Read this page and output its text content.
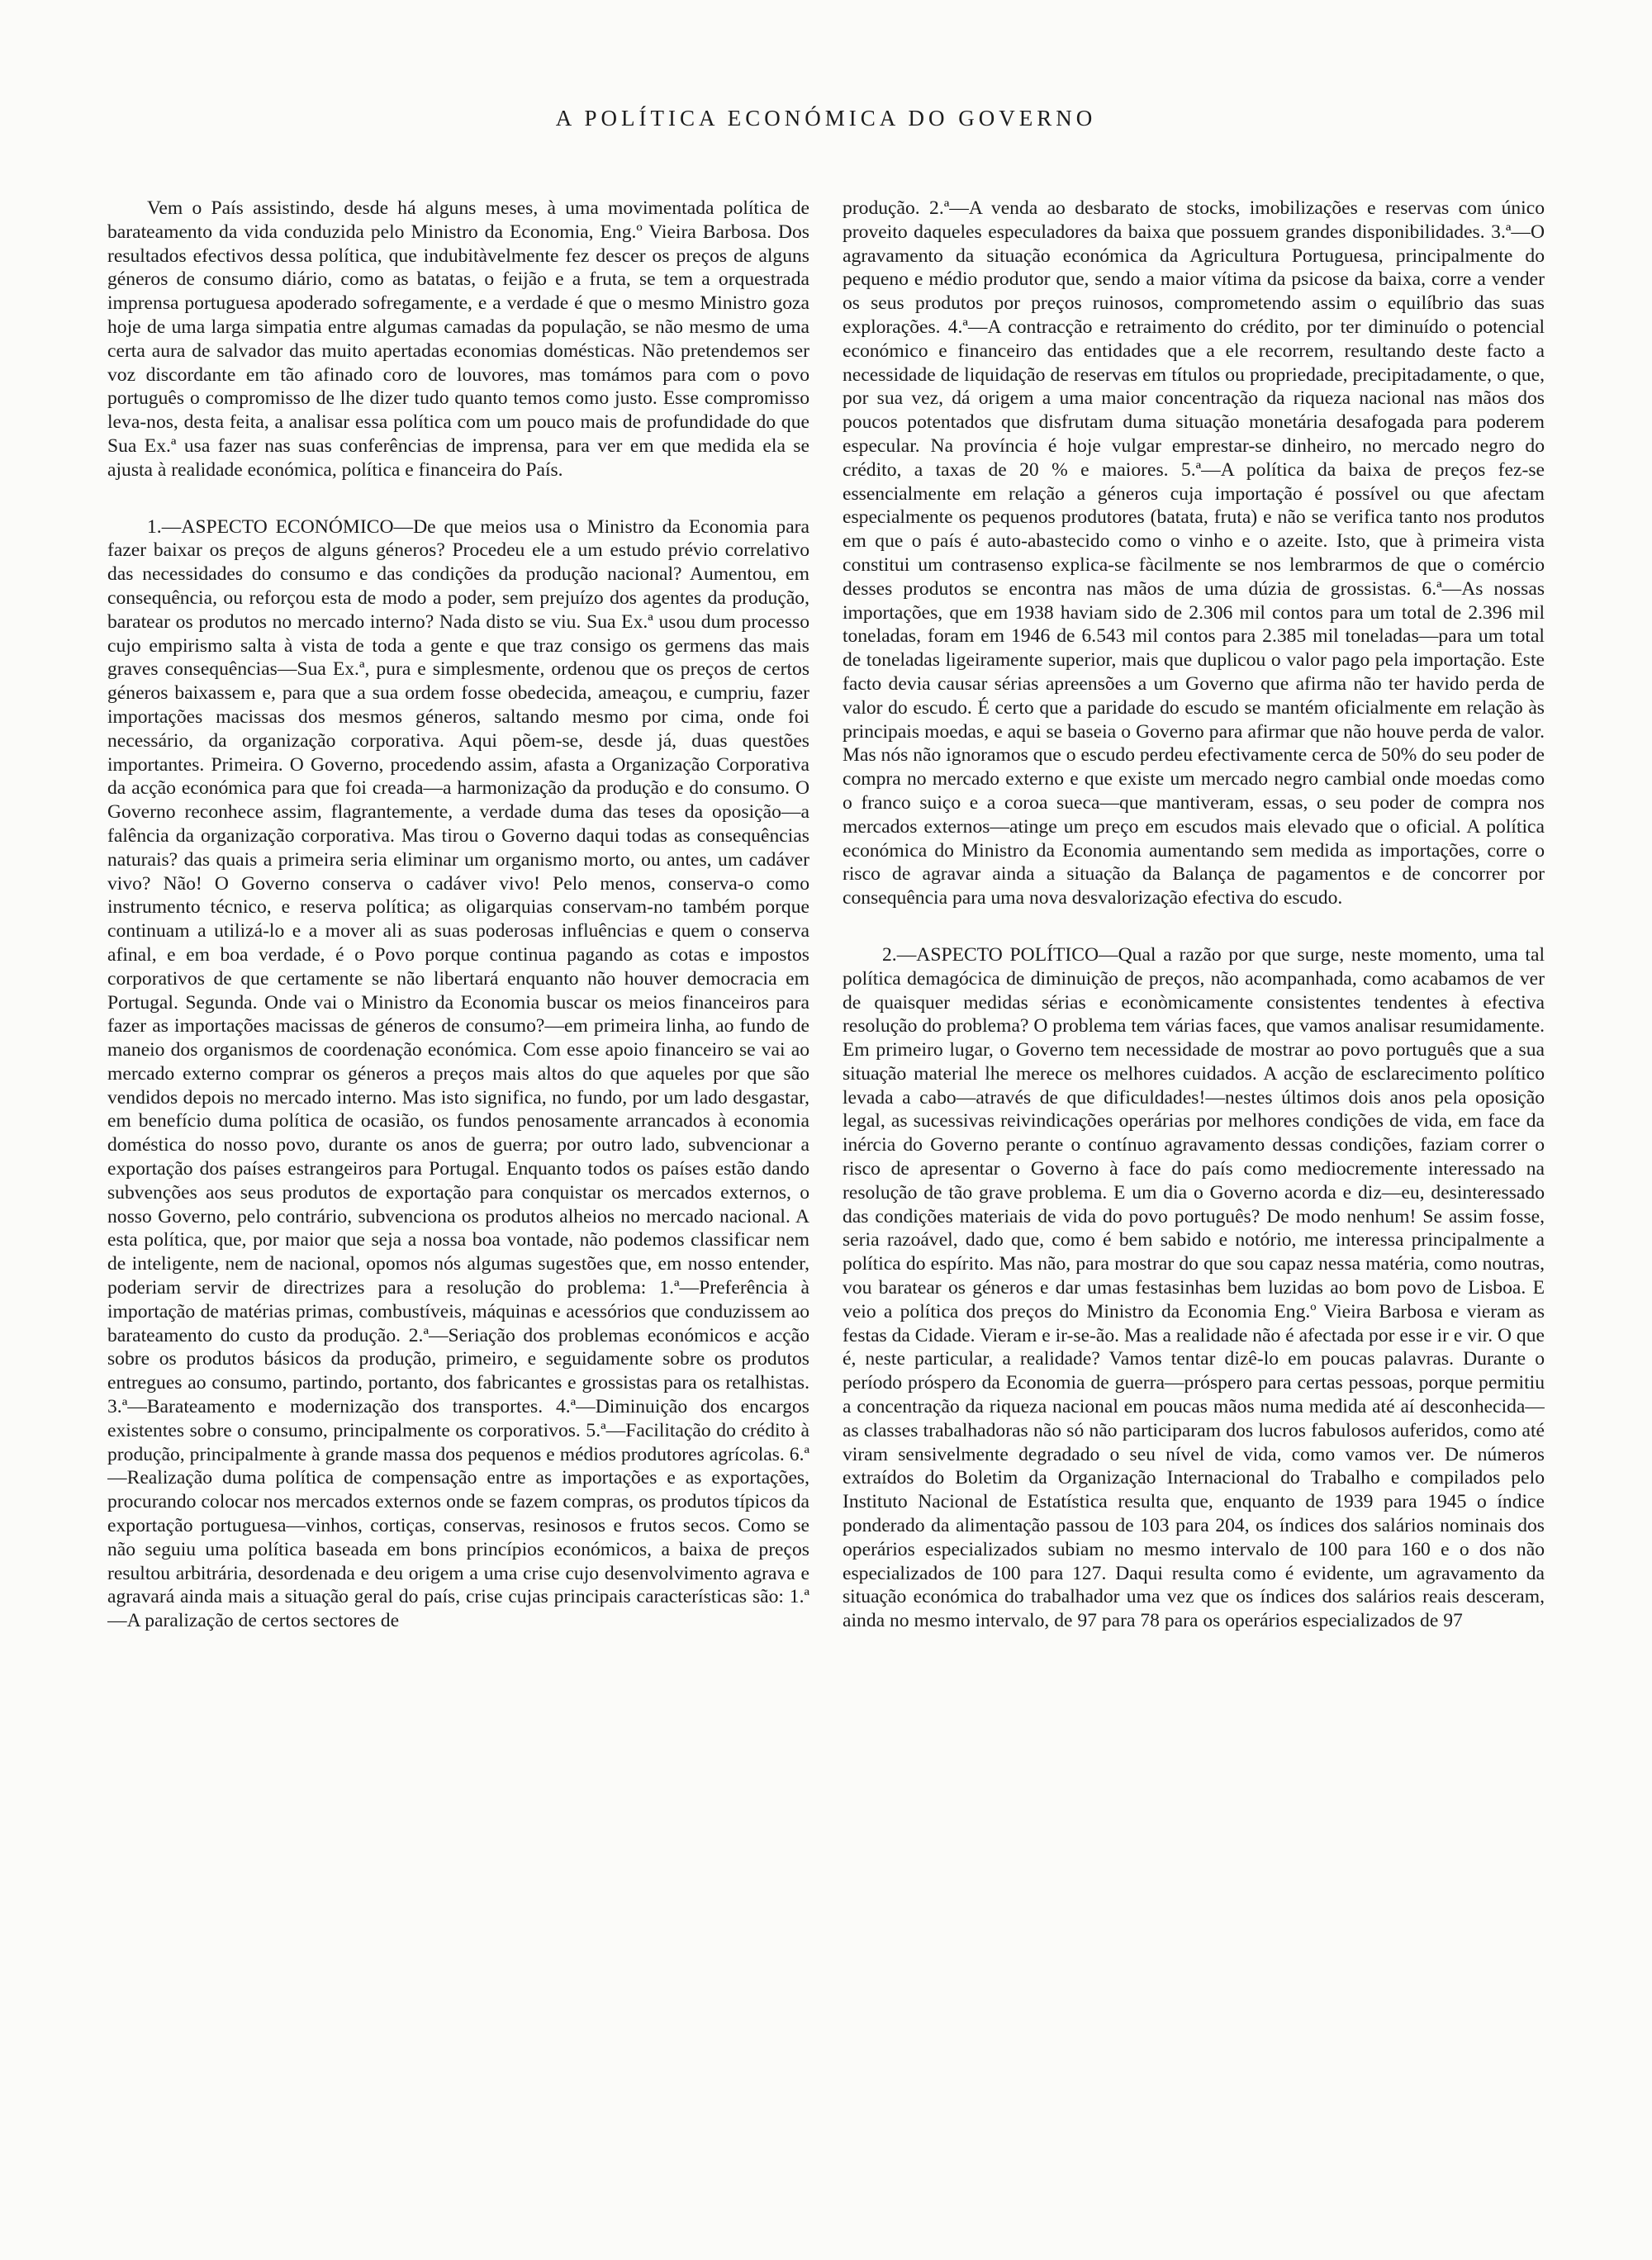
A POLÍTICA ECONÓMICA DO GOVERNO

Vem o País assistindo, desde há alguns meses, à uma movimentada política de barateamento da vida conduzida pelo Ministro da Economia, Eng.º Vieira Barbosa. Dos resultados efectivos dessa política, que indubitàvelmente fez descer os preços de alguns géneros de consumo diário, como as batatas, o feijão e a fruta, se tem a orquestrada imprensa portuguesa apoderado sofregamente, e a verdade é que o mesmo Ministro goza hoje de uma larga simpatia entre algumas camadas da população, se não mesmo de uma certa aura de salvador das muito apertadas economias domésticas. Não pretendemos ser voz discordante em tão afinado coro de louvores, mas tomámos para com o povo português o compromisso de lhe dizer tudo quanto temos como justo. Esse compromisso leva-nos, desta feita, a analisar essa política com um pouco mais de profundidade do que Sua Ex.ª usa fazer nas suas conferências de imprensa, para ver em que medida ela se ajusta à realidade económica, política e financeira do País.

1.—ASPECTO ECONÓMICO—De que meios usa o Ministro da Economia para fazer baixar os preços de alguns géneros? Procedeu ele a um estudo prévio correlativo das necessidades do consumo e das condições da produção nacional? Aumentou, em consequência, ou reforçou esta de modo a poder, sem prejuízo dos agentes da produção, baratear os produtos no mercado interno? Nada disto se viu. Sua Ex.ª usou dum processo cujo empirismo salta à vista de toda a gente e que traz consigo os germens das mais graves consequências—Sua Ex.ª, pura e simplesmente, ordenou que os preços de certos géneros baixassem e, para que a sua ordem fosse obedecida, ameaçou, e cumpriu, fazer importações macissas dos mesmos géneros, saltando mesmo por cima, onde foi necessário, da organização corporativa. Aqui põem-se, desde já, duas questões importantes. Primeira. O Governo, procedendo assim, afasta a Organização Corporativa da acção económica para que foi creada—a harmonização da produção e do consumo. O Governo reconhece assim, flagrantemente, a verdade duma das teses da oposição—a falência da organização corporativa. Mas tirou o Governo daqui todas as consequências naturais? das quais a primeira seria eliminar um organismo morto, ou antes, um cadáver vivo? Não! O Governo conserva o cadáver vivo! Pelo menos, conserva-o como instrumento técnico, e reserva política; as oligarquias conservam-no também porque continuam a utilizá-lo e a mover ali as suas poderosas influências e quem o conserva afinal, e em boa verdade, é o Povo porque continua pagando as cotas e impostos corporativos de que certamente se não libertará enquanto não houver democracia em Portugal. Segunda. Onde vai o Ministro da Economia buscar os meios financeiros para fazer as importações macissas de géneros de consumo?—em primeira linha, ao fundo de maneio dos organismos de coordenação económica. Com esse apoio financeiro se vai ao mercado externo comprar os géneros a preços mais altos do que aqueles por que são vendidos depois no mercado interno. Mas isto significa, no fundo, por um lado desgastar, em benefício duma política de ocasião, os fundos penosamente arrancados à economia doméstica do nosso povo, durante os anos de guerra; por outro lado, subvencionar a exportação dos países estrangeiros para Portugal. Enquanto todos os países estão dando subvenções aos seus produtos de exportação para conquistar os mercados externos, o nosso Governo, pelo contrário, subvenciona os produtos alheios no mercado nacional. A esta política, que, por maior que seja a nossa boa vontade, não podemos classificar nem de inteligente, nem de nacional, opomos nós algumas sugestões que, em nosso entender, poderiam servir de directrizes para a resolução do problema: 1.ª—Preferência à importação de matérias primas, combustíveis, máquinas e acessórios que conduzissem ao barateamento do custo da produção. 2.ª—Seriação dos problemas económicos e acção sobre os produtos básicos da produção, primeiro, e seguidamente sobre os produtos entregues ao consumo, partindo, portanto, dos fabricantes e grossistas para os retalhistas. 3.ª—Barateamento e modernização dos transportes. 4.ª—Diminuição dos encargos existentes sobre o consumo, principalmente os corporativos. 5.ª—Facilitação do crédito à produção, principalmente à grande massa dos pequenos e médios produtores agrícolas. 6.ª—Realização duma política de compensação entre as importações e as exportações, procurando colocar nos mercados externos onde se fazem compras, os produtos típicos da exportação portuguesa—vinhos, cortiças, conservas, resinosos e frutos secos. Como se não seguiu uma política baseada em bons princípios económicos, a baixa de preços resultou arbitrária, desordenada e deu origem a uma crise cujo desenvolvimento agrava e agravará ainda mais a situação geral do país, crise cujas principais características são: 1.ª—A paralização de certos sectores de

produção. 2.ª—A venda ao desbarato de stocks, imobilizações e reservas com único proveito daqueles especuladores da baixa que possuem grandes disponibilidades. 3.ª—O agravamento da situação económica da Agricultura Portuguesa, principalmente do pequeno e médio produtor que, sendo a maior vítima da psicose da baixa, corre a vender os seus produtos por preços ruinosos, comprometendo assim o equilíbrio das suas explorações. 4.ª—A contracção e retraimento do crédito, por ter diminuído o potencial económico e financeiro das entidades que a ele recorrem, resultando deste facto a necessidade de liquidação de reservas em títulos ou propriedade, precipitadamente, o que, por sua vez, dá origem a uma maior concentração da riqueza nacional nas mãos dos poucos potentados que disfrutam duma situação monetária desafogada para poderem especular. Na província é hoje vulgar emprestar-se dinheiro, no mercado negro do crédito, a taxas de 20 % e maiores. 5.ª—A política da baixa de preços fez-se essencialmente em relação a géneros cuja importação é possível ou que afectam especialmente os pequenos produtores (batata, fruta) e não se verifica tanto nos produtos em que o país é auto-abastecido como o vinho e o azeite. Isto, que à primeira vista constitui um contrasenso explica-se fàcilmente se nos lembrarmos de que o comércio desses produtos se encontra nas mãos de uma dúzia de grossistas. 6.ª—As nossas importações, que em 1938 haviam sido de 2.306 mil contos para um total de 2.396 mil toneladas, foram em 1946 de 6.543 mil contos para 2.385 mil toneladas—para um total de toneladas ligeiramente superior, mais que duplicou o valor pago pela importação. Este facto devia causar sérias apreensões a um Governo que afirma não ter havido perda de valor do escudo. É certo que a paridade do escudo se mantém oficialmente em relação às principais moedas, e aqui se baseia o Governo para afirmar que não houve perda de valor. Mas nós não ignoramos que o escudo perdeu efectivamente cerca de 50% do seu poder de compra no mercado externo e que existe um mercado negro cambial onde moedas como o franco suiço e a coroa sueca—que mantiveram, essas, o seu poder de compra nos mercados externos—atinge um preço em escudos mais elevado que o oficial. A política económica do Ministro da Economia aumentando sem medida as importações, corre o risco de agravar ainda a situação da Balança de pagamentos e de concorrer por consequência para uma nova desvalorização efectiva do escudo.

2.—ASPECTO POLÍTICO—Qual a razão por que surge, neste momento, uma tal política demagócica de diminuição de preços, não acompanhada, como acabamos de ver de quaisquer medidas sérias e econòmicamente consistentes tendentes à efectiva resolução do problema? O problema tem várias faces, que vamos analisar resumidamente. Em primeiro lugar, o Governo tem necessidade de mostrar ao povo português que a sua situação material lhe merece os melhores cuidados. A acção de esclarecimento político levada a cabo—através de que dificuldades!—nestes últimos dois anos pela oposição legal, as sucessivas reivindicações operárias por melhores condições de vida, em face da inércia do Governo perante o contínuo agravamento dessas condições, faziam correr o risco de apresentar o Governo à face do país como mediocremente interessado na resolução de tão grave problema. E um dia o Governo acorda e diz—eu, desinteressado das condições materiais de vida do povo português? De modo nenhum! Se assim fosse, seria razoável, dado que, como é bem sabido e notório, me interessa principalmente a política do espírito. Mas não, para mostrar do que sou capaz nessa matéria, como noutras, vou baratear os géneros e dar umas festasinhas bem luzidas ao bom povo de Lisboa. E veio a política dos preços do Ministro da Economia Eng.º Vieira Barbosa e vieram as festas da Cidade. Vieram e ir-se-ão. Mas a realidade não é afectada por esse ir e vir. O que é, neste particular, a realidade? Vamos tentar dizê-lo em poucas palavras. Durante o período próspero da Economia de guerra—próspero para certas pessoas, porque permitiu a concentração da riqueza nacional em poucas mãos numa medida até aí desconhecida—as classes trabalhadoras não só não participaram dos lucros fabulosos auferidos, como até viram sensivelmente degradado o seu nível de vida, como vamos ver. De números extraídos do Boletim da Organização Internacional do Trabalho e compilados pelo Instituto Nacional de Estatística resulta que, enquanto de 1939 para 1945 o índice ponderado da alimentação passou de 103 para 204, os índices dos salários nominais dos operários especializados subiam no mesmo intervalo de 100 para 160 e o dos não especializados de 100 para 127. Daqui resulta como é evidente, um agravamento da situação económica do trabalhador uma vez que os índices dos salários reais desceram, ainda no mesmo intervalo, de 97 para 78 para os operários especializados de 97
